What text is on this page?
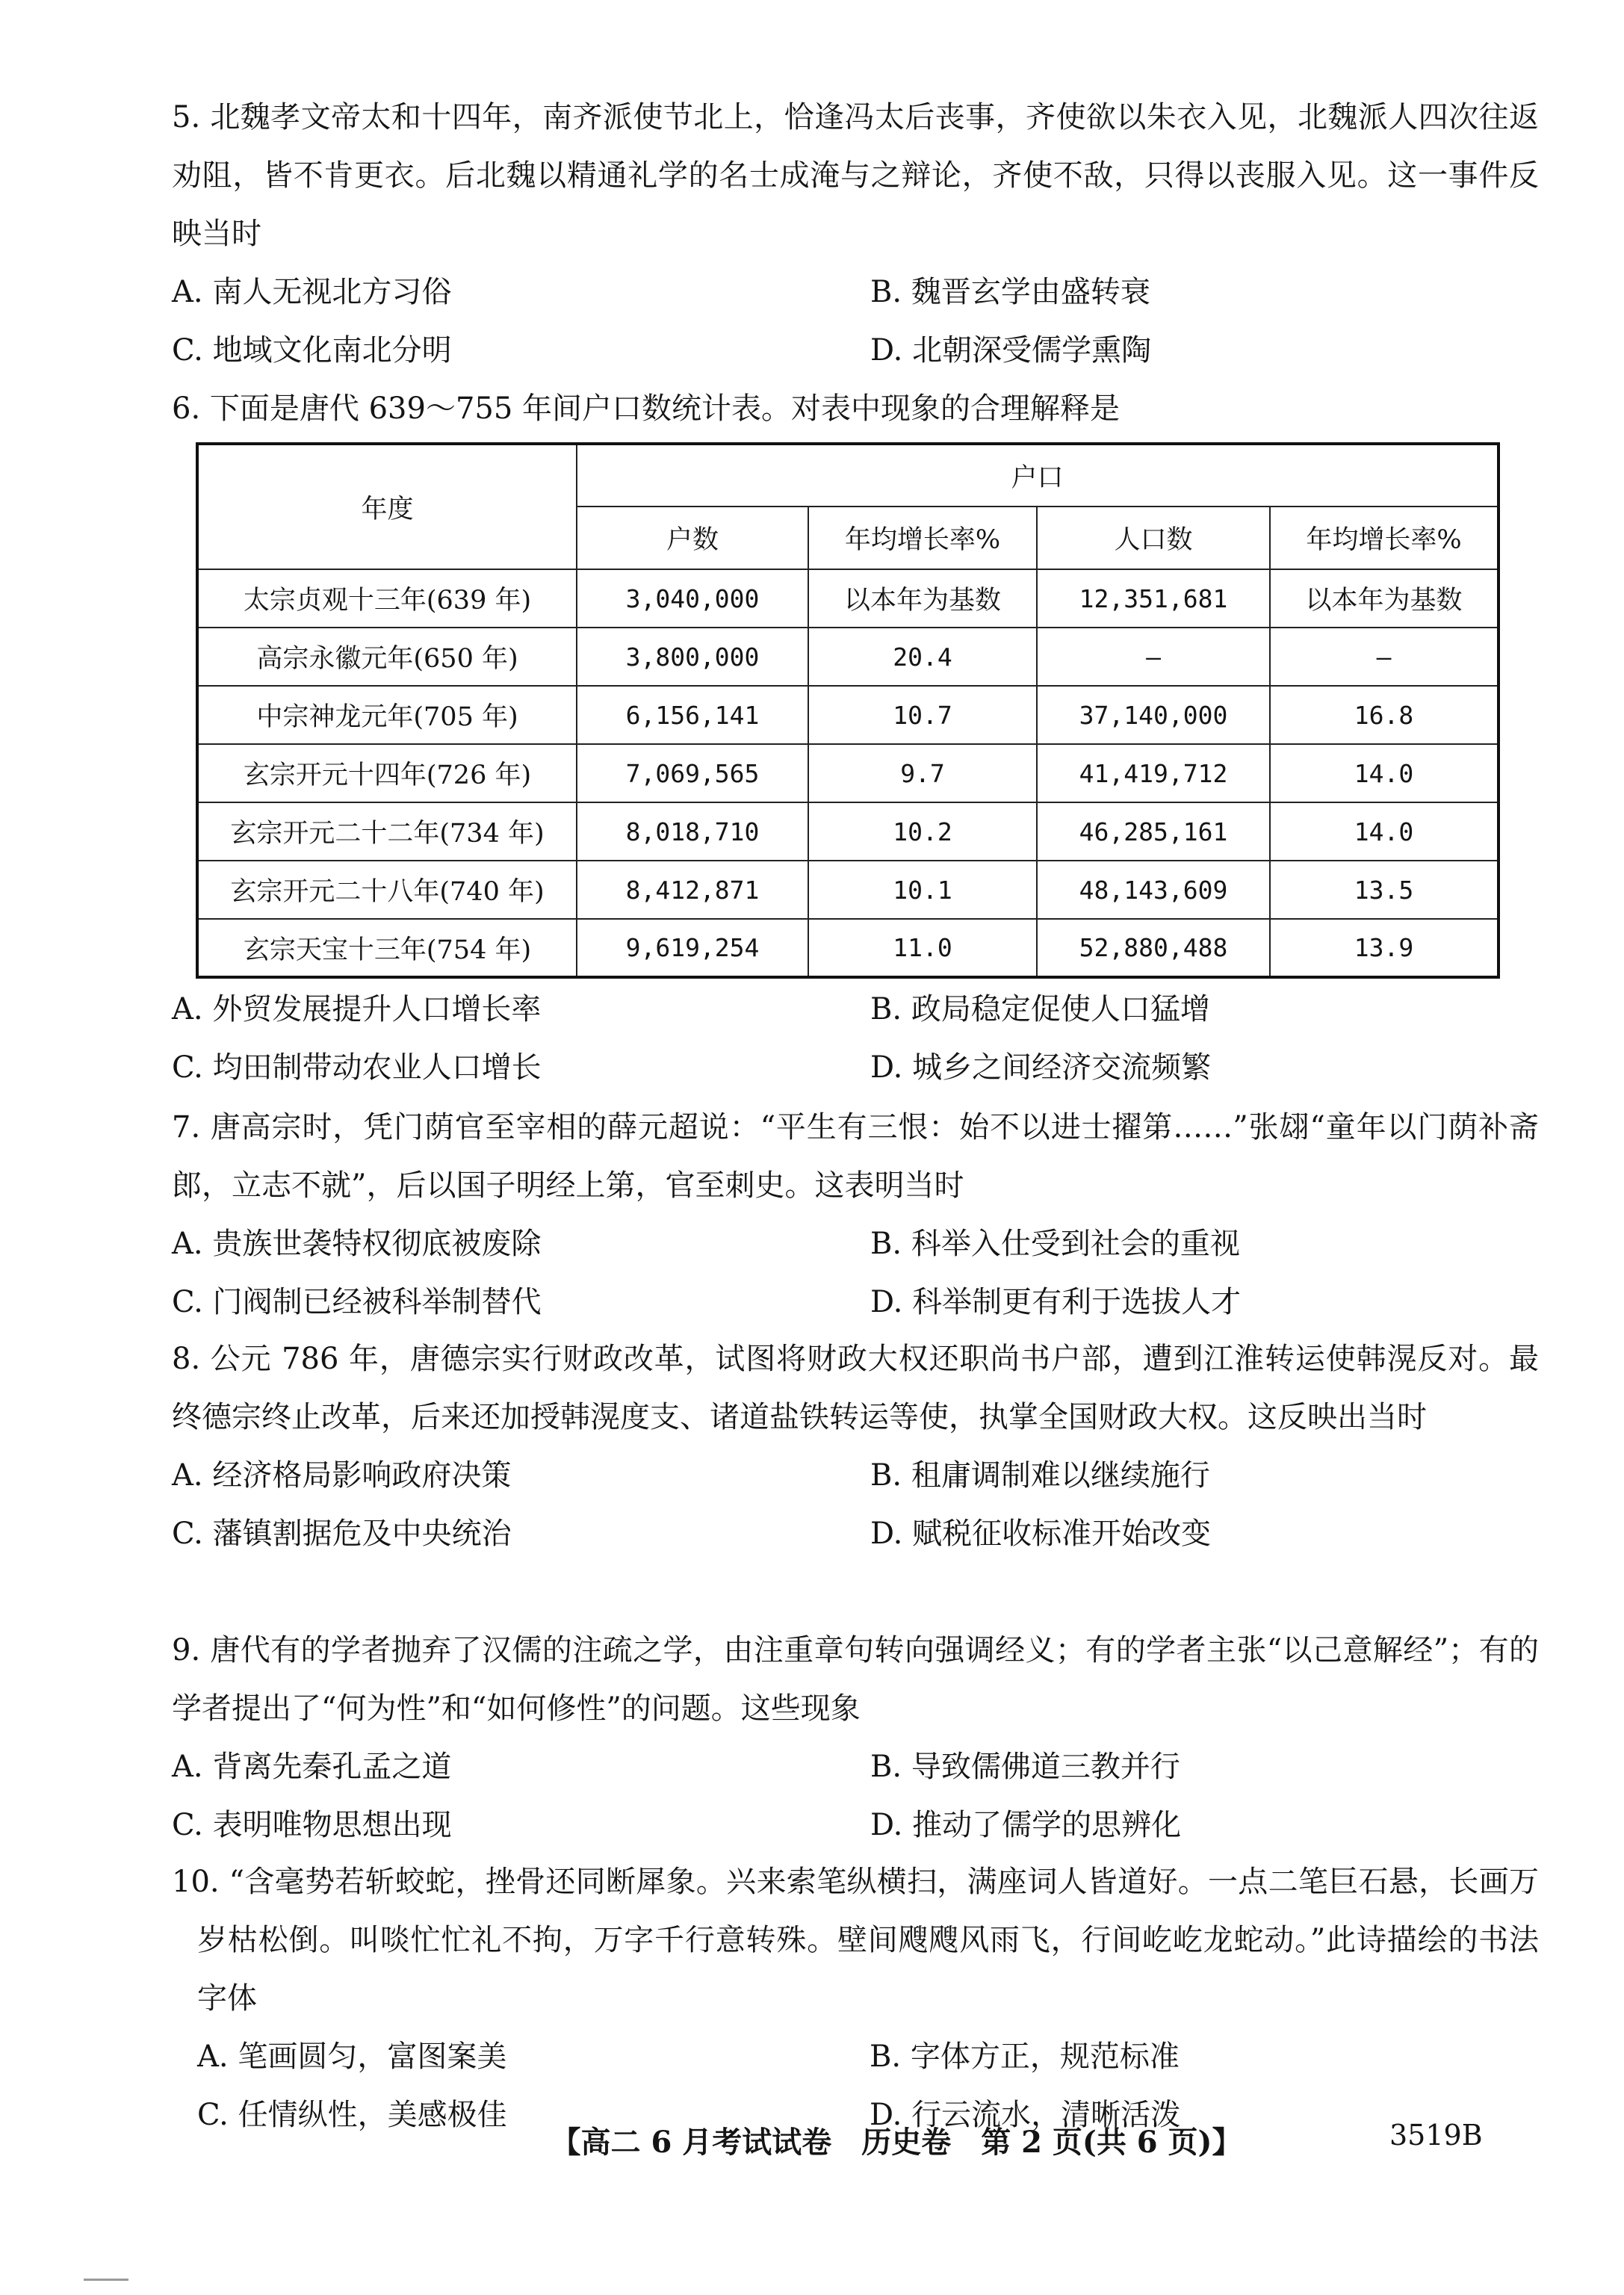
5. 北魏孝文帝太和十四年，南齐派使节北上，恰逢冯太后丧事，齐使欲以朱衣入见，北魏派人四次往返劝阻，皆不肯更衣。后北魏以精通礼学的名士成淹与之辩论，齐使不敌，只得以丧服入见。这一事件反映当时

A. 南人无视北方习俗	B. 魏晋玄学由盛转衰
C. 地域文化南北分明	D. 北朝深受儒学熏陶

6. 下面是唐代 639～755 年间户口数统计表。对表中现象的合理解释是

年度	户口			
	户数	年均增长率%	人口数	年均增长率%
太宗贞观十三年(639 年)	3,040,000	以本年为基数	12,351,681	以本年为基数
高宗永徽元年(650 年)	3,800,000	20.4	—	—
中宗神龙元年(705 年)	6,156,141	10.7	37,140,000	16.8
玄宗开元十四年(726 年)	7,069,565	9.7	41,419,712	14.0
玄宗开元二十二年(734 年)	8,018,710	10.2	46,285,161	14.0
玄宗开元二十八年(740 年)	8,412,871	10.1	48,143,609	13.5
玄宗天宝十三年(754 年)	9,619,254	11.0	52,880,488	13.9
A. 外贸发展提升人口增长率	B. 政局稳定促使人口猛增
C. 均田制带动农业人口增长	D. 城乡之间经济交流频繁

7. 唐高宗时，凭门荫官至宰相的薛元超说：“平生有三恨：始不以进士擢第……”张翃“童年以门荫补斋郎，立志不就”，后以国子明经上第，官至刺史。这表明当时

A. 贵族世袭特权彻底被废除	B. 科举入仕受到社会的重视
C. 门阀制已经被科举制替代	D. 科举制更有利于选拔人才

8. 公元 786 年，唐德宗实行财政改革，试图将财政大权还职尚书户部，遭到江淮转运使韩滉反对。最终德宗终止改革，后来还加授韩滉度支、诸道盐铁转运等使，执掌全国财政大权。这反映出当时

A. 经济格局影响政府决策	B. 租庸调制难以继续施行
C. 藩镇割据危及中央统治	D. 赋税征收标准开始改变

9. 唐代有的学者抛弃了汉儒的注疏之学，由注重章句转向强调经义；有的学者主张“以己意解经”；有的学者提出了“何为性”和“如何修性”的问题。这些现象

A. 背离先秦孔孟之道	B. 导致儒佛道三教并行
C. 表明唯物思想出现	D. 推动了儒学的思辨化

10. “含毫势若斩蛟蛇，挫骨还同断犀象。兴来索笔纵横扫，满座词人皆道好。一点二笔巨石悬，长画万岁枯松倒。叫啖忙忙礼不拘，万字千行意转殊。壁间飕飕风雨飞，行间屹屹龙蛇动。”此诗描绘的书法字体

A. 笔画圆匀，富图案美	B. 字体方正，规范标准
C. 任情纵性，美感极佳	D. 行云流水，清晰活泼
【高二 6 月考试试卷　历史卷　第 2 页(共 6 页)】	3519B
